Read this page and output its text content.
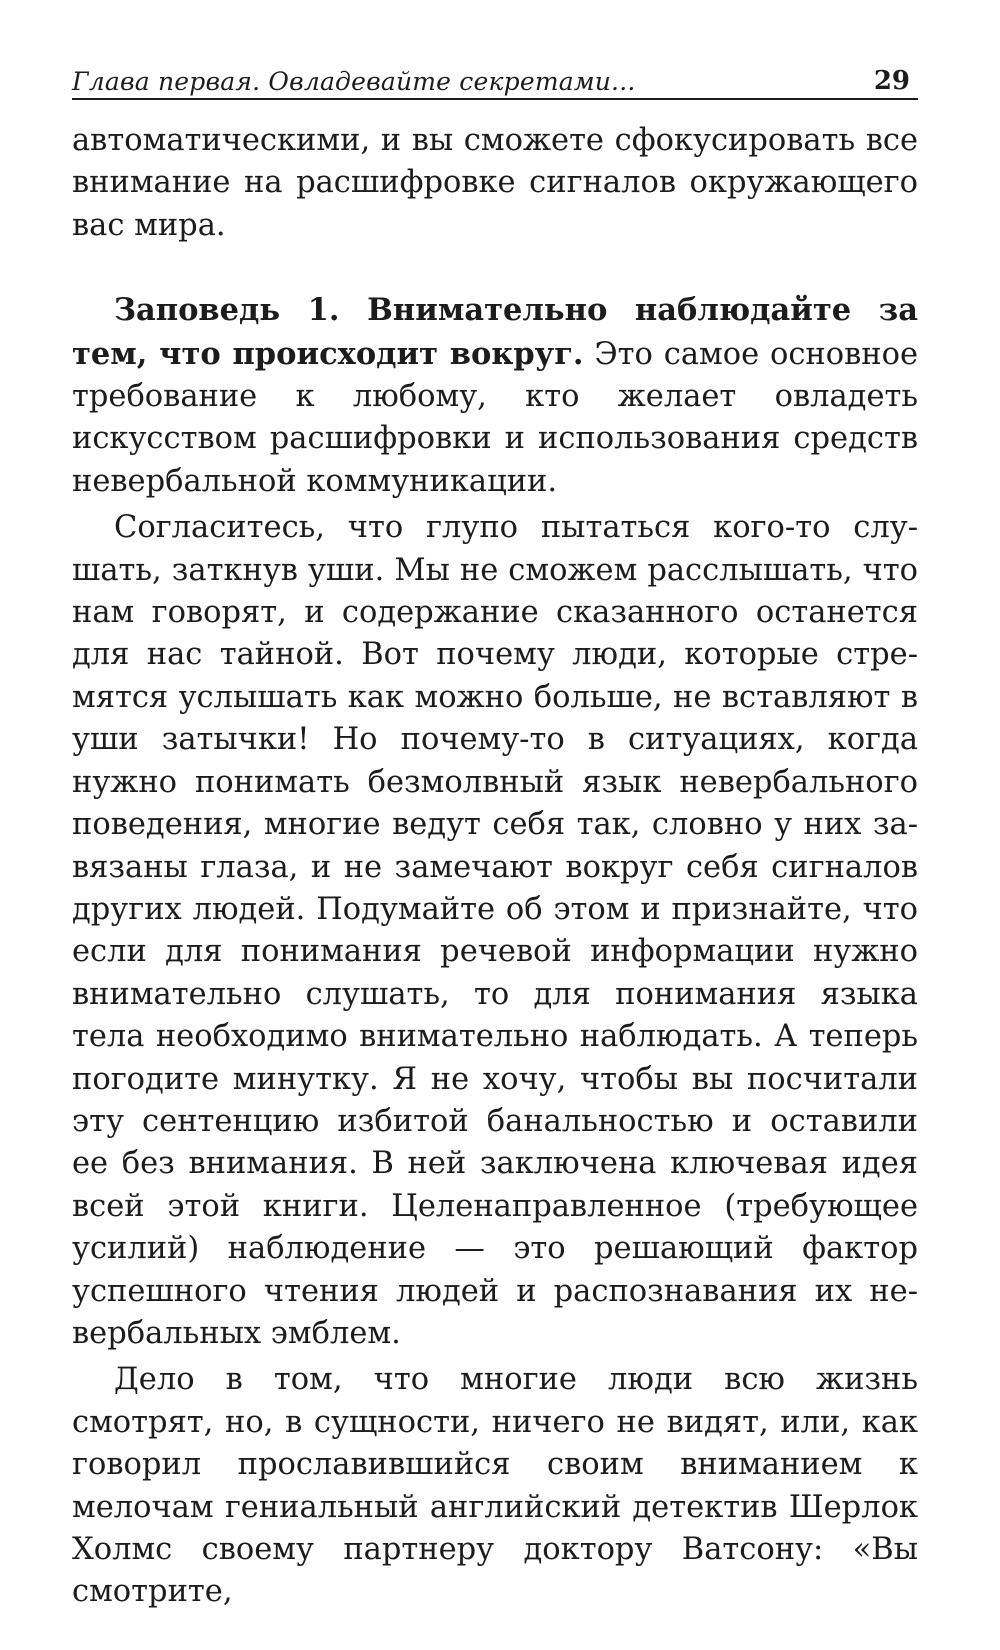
Глава первая. Овладевайте секретами...	29

автоматическими, и вы сможете сфокусировать все внимание на расшифровке сигналов окружающего вас мира.

Заповедь 1. Внимательно наблюдайте за тем, что происходит вокруг. Это самое основное требование к любому, кто желает овладеть искусством расшифровки и использования средств невербальной коммуникации.

Согласитесь, что глупо пытаться кого-то слушать, заткнув уши. Мы не сможем расслышать, что нам говорят, и содержание сказанного останется для нас тайной. Вот почему люди, которые стремятся услышать как можно больше, не вставляют в уши затычки! Но почему-то в ситуациях, когда нужно понимать безмолвный язык невербального поведения, многие ведут себя так, словно у них завязаны глаза, и не замечают вокруг себя сигналов других людей. Подумайте об этом и признайте, что если для понимания речевой информации нужно внимательно слушать, то для понимания языка тела необходимо внимательно наблюдать. А теперь погодите минутку. Я не хочу, чтобы вы посчитали эту сентенцию избитой банальностью и оставили ее без внимания. В ней заключена ключевая идея всей этой книги. Целенаправленное (требующее усилий) наблюдение — это решающий фактор успешного чтения людей и распознавания их невербальных эмблем.

Дело в том, что многие люди всю жизнь смотрят, но, в сущности, ничего не видят, или, как говорил прославившийся своим вниманием к мелочам гениальный английский детектив Шерлок Холмс своему партнеру доктору Ватсону: «Вы смотрите,
